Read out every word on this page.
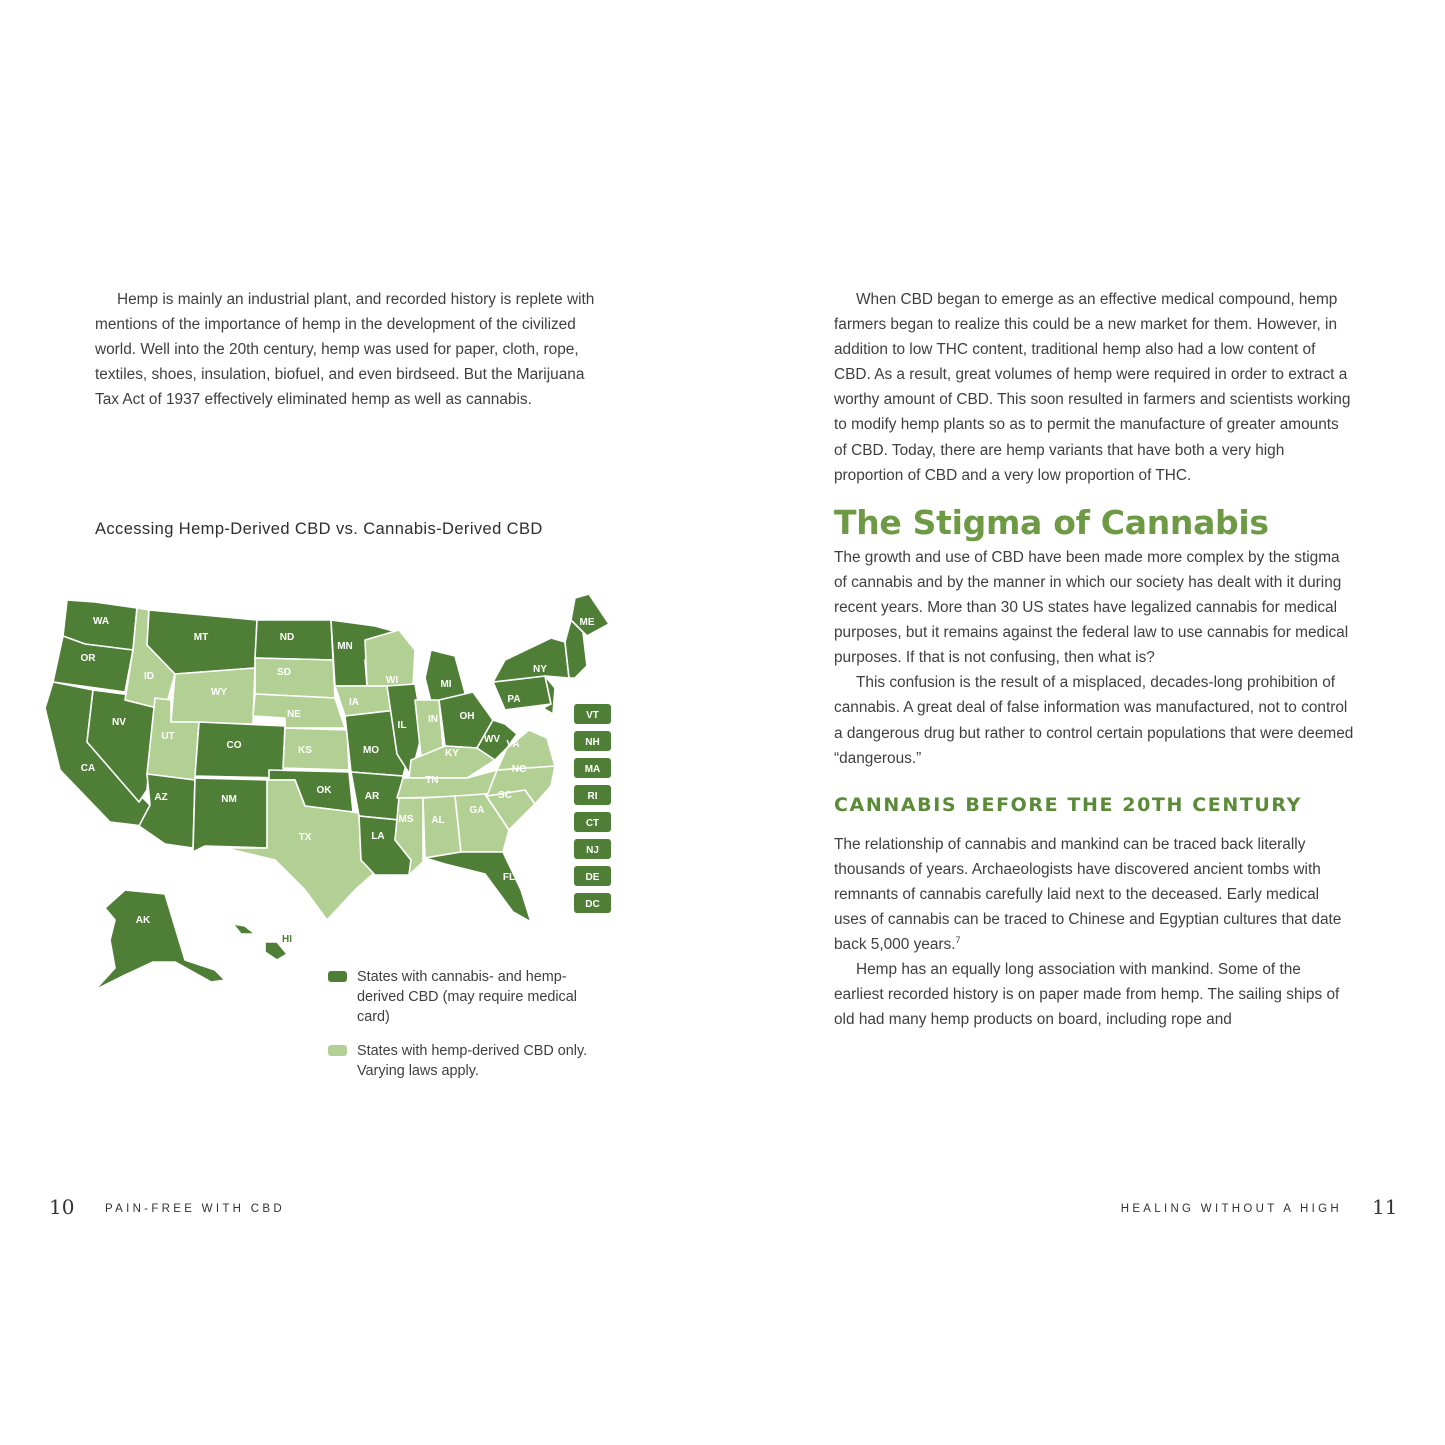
Hemp is mainly an industrial plant, and recorded history is replete with mentions of the importance of hemp in the development of the civilized world. Well into the 20th century, hemp was used for paper, cloth, rope, textiles, shoes, insulation, biofuel, and even birdseed. But the Marijuana Tax Act of 1937 effectively eliminated hemp as well as cannabis.

Accessing Hemp-Derived CBD vs. Cannabis-Derived CBD
WA
OR
CA
NV
ID
MT
WY
UT
AZ
CO
NM
ND
SD
NE
KS
OK
TX
MN
IA
MO
AR
LA
WI
IL
MI
IN OH
KY
TN
MS AL
GA
FL
SC
NC
VA
WV
PA
NY
ME
AK
HI
VT
NH
MA
RI
CT
NJ
DE
DC
States with cannabis- and hemp-derived CBD (may require medical card)
States with hemp-derived CBD only. Varying laws apply.

When CBD began to emerge as an effective medical compound, hemp farmers began to realize this could be a new market for them. However, in addition to low THC content, traditional hemp also had a low content of CBD. As a result, great volumes of hemp were required in order to extract a worthy amount of CBD. This soon resulted in farmers and scientists working to modify hemp plants so as to permit the manufacture of greater amounts of CBD. Today, there are hemp variants that have both a very high proportion of CBD and a very low proportion of THC.

The Stigma of Cannabis

The growth and use of CBD have been made more complex by the stigma of cannabis and by the manner in which our society has dealt with it during recent years. More than 30 US states have legalized cannabis for medical purposes, but it remains against the federal law to use cannabis for medical purposes. If that is not confusing, then what is?

This confusion is the result of a misplaced, decades-long prohibition of cannabis. A great deal of false information was manufactured, not to control a dangerous drug but rather to control certain populations that were deemed “dangerous.”

CANNABIS BEFORE THE 20TH CENTURY

The relationship of cannabis and mankind can be traced back literally thousands of years. Archaeologists have discovered ancient tombs with remnants of cannabis carefully laid next to the deceased. Early medical uses of cannabis can be traced to Chinese and Egyptian cultures that date back 5,000 years.$^7$

Hemp has an equally long association with mankind. Some of the earliest recorded history is on paper made from hemp. The sailing ships of old had many hemp products on board, including rope and

10	PAIN-FREE WITH CBD	HEALING WITHOUT A HIGH 11
